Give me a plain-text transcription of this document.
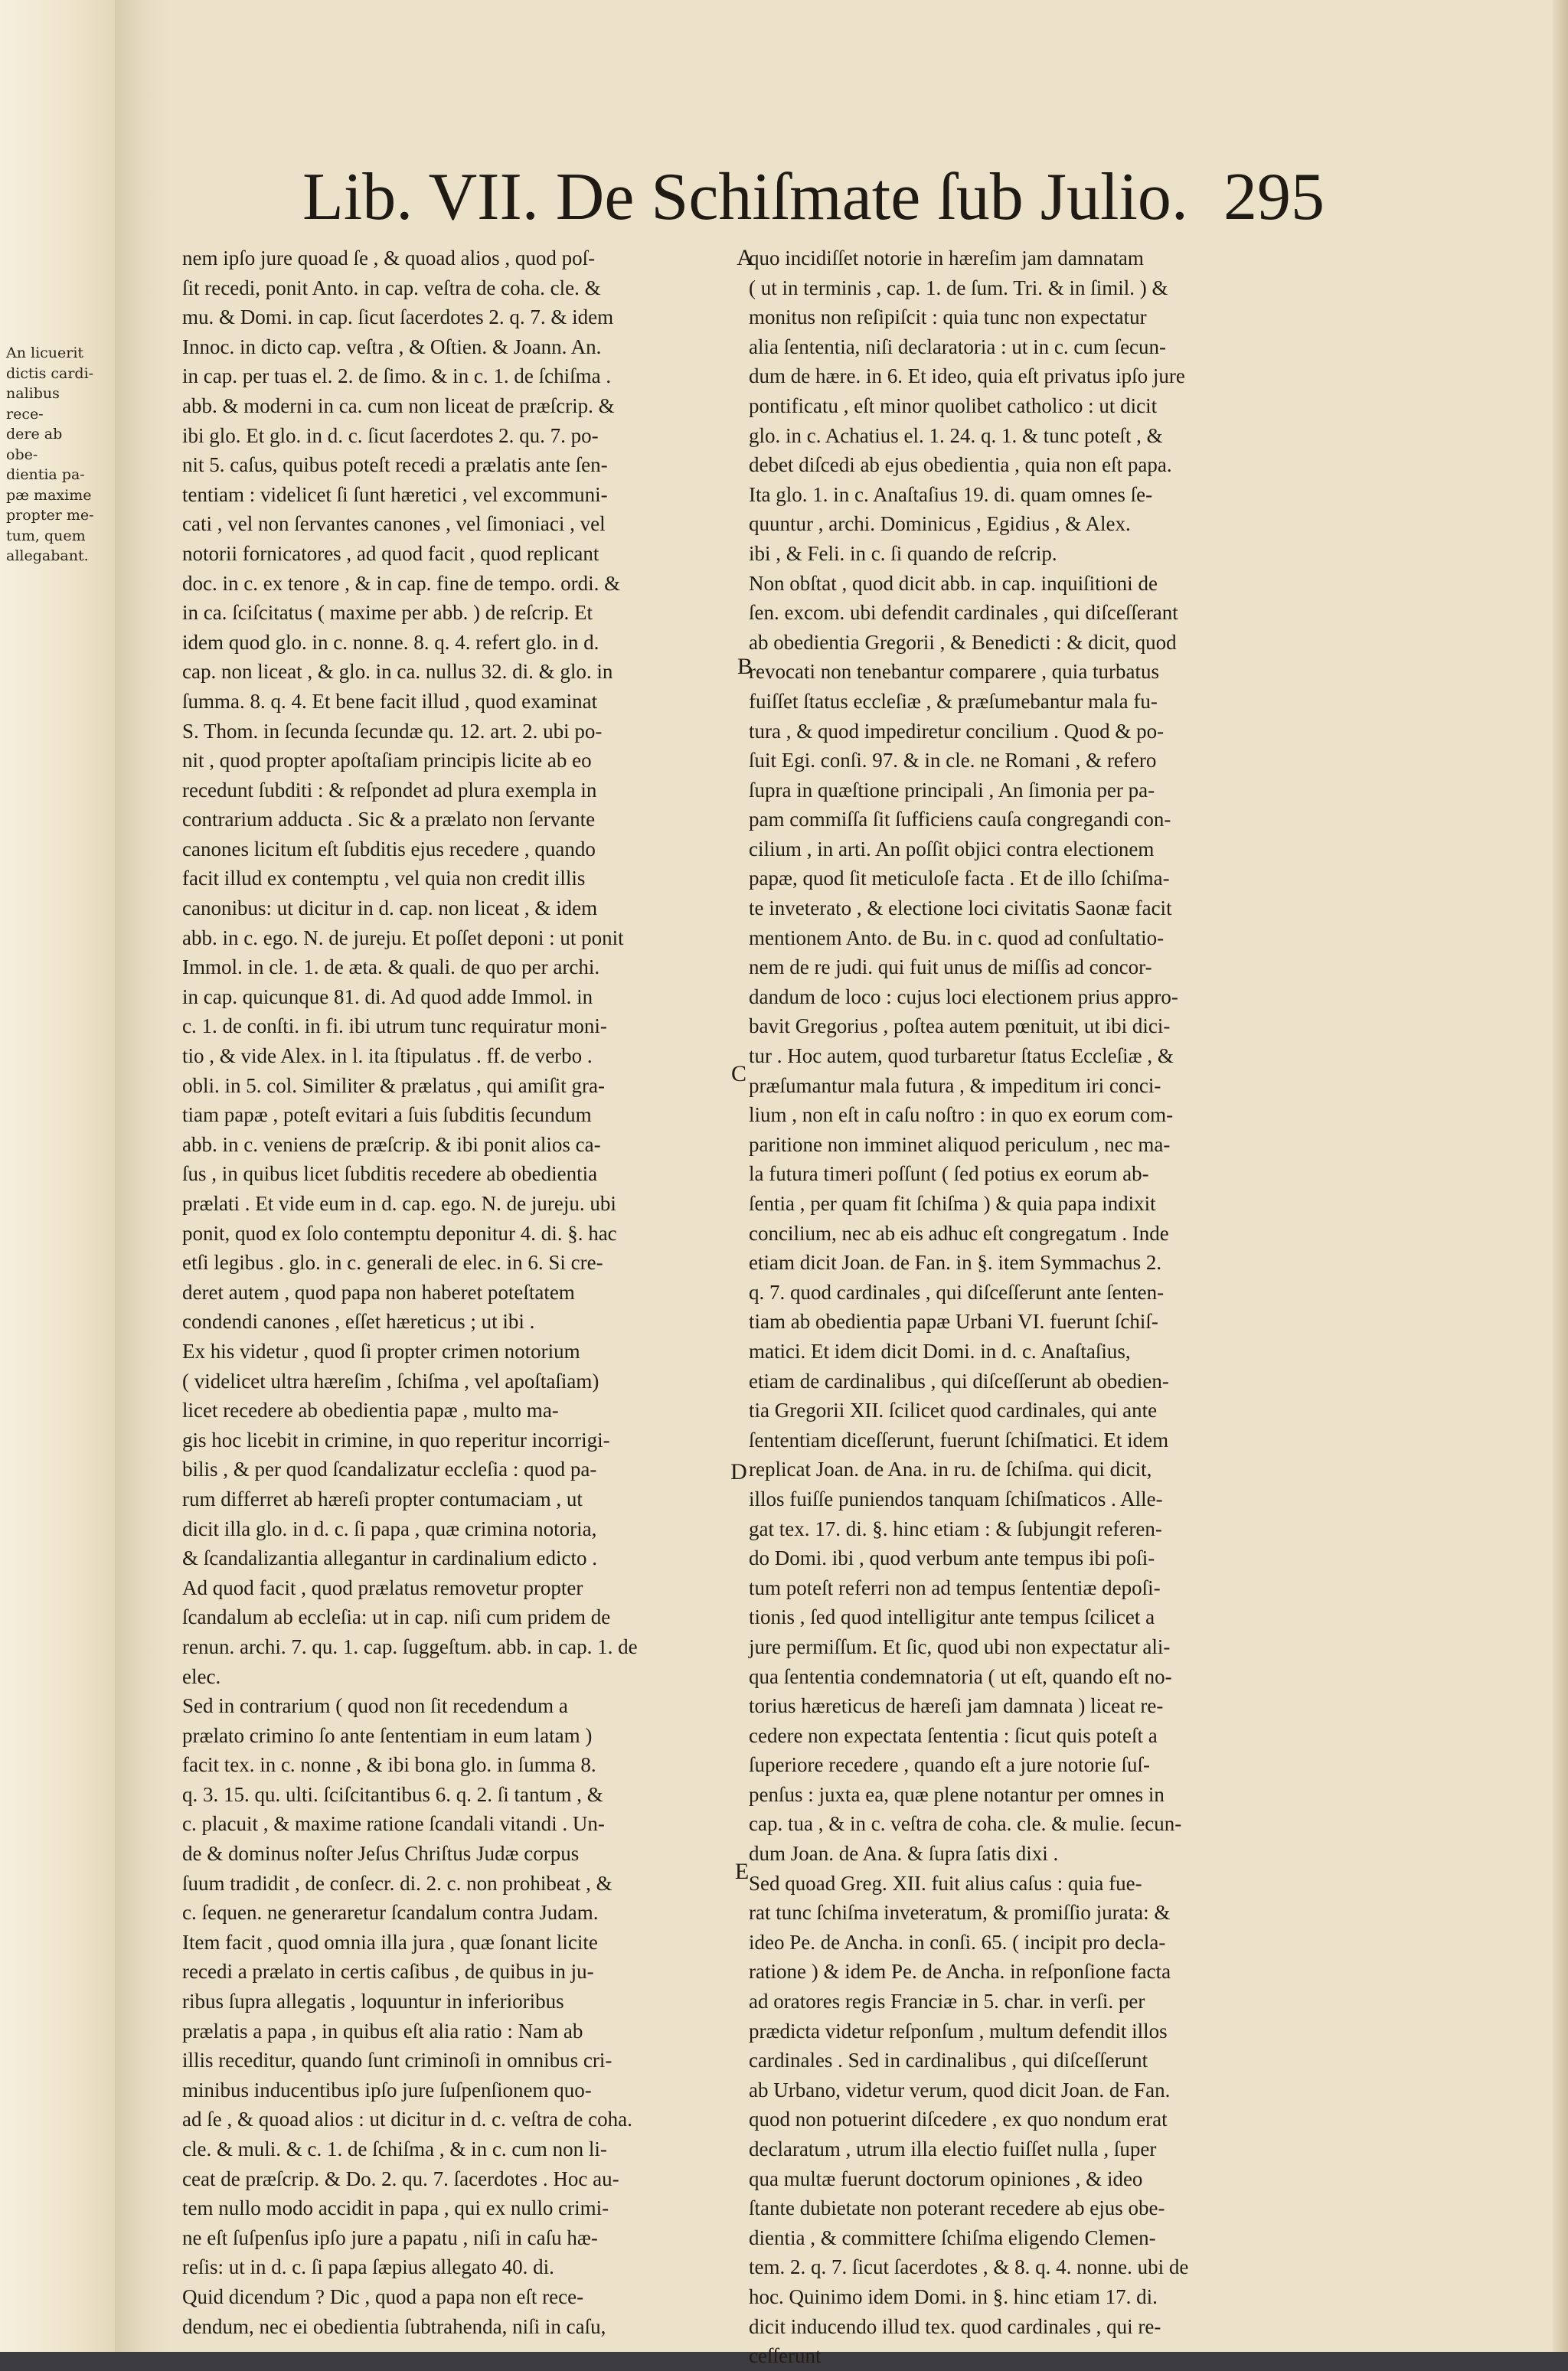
An licuerit
dictis cardi-
nalibus rece-
dere ab obe-
dientia pa-
pæ maxime
propter me-
tum, quem
allegabant.
Lib. VII. De Schiſmate ſub Julio. 295
A
B
C
D
E
nem ipſo jure quoad ſe , & quoad alios , quod poſ-
ſit recedi, ponit Anto. in cap. veſtra de coha. cle. &
mu. & Domi. in cap. ſicut ſacerdotes 2. q. 7. & idem
Innoc. in dicto cap. veſtra , & Oſtien. & Joann. An.
in cap. per tuas el. 2. de ſimo. & in c. 1. de ſchiſma .
abb. & moderni in ca. cum non liceat de præſcrip. &
ibi glo. Et glo. in d. c. ſicut ſacerdotes 2. qu. 7. po-
nit 5. caſus, quibus poteſt recedi a prælatis ante ſen-
tentiam : videlicet ſi ſunt hæretici , vel excommuni-
cati , vel non ſervantes canones , vel ſimoniaci , vel
notorii fornicatores , ad quod facit , quod replicant
doc. in c. ex tenore , & in cap. fine de tempo. ordi. &
in ca. ſciſcitatus ( maxime per abb. ) de reſcrip. Et
idem quod glo. in c. nonne. 8. q. 4. refert glo. in d.
cap. non liceat , & glo. in ca. nullus 32. di. & glo. in
ſumma. 8. q. 4. Et bene facit illud , quod examinat
S. Thom. in ſecunda ſecundæ qu. 12. art. 2. ubi po-
nit , quod propter apoſtaſiam principis licite ab eo
recedunt ſubditi : & reſpondet ad plura exempla in
contrarium adducta . Sic & a prælato non ſervante
canones licitum eſt ſubditis ejus recedere , quando
facit illud ex contemptu , vel quia non credit illis
canonibus: ut dicitur in d. cap. non liceat , & idem
abb. in c. ego. N. de jureju. Et poſſet deponi : ut ponit
Immol. in cle. 1. de æta. & quali. de quo per archi.
in cap. quicunque 81. di. Ad quod adde Immol. in
c. 1. de conſti. in fi. ibi utrum tunc requiratur moni-
tio , & vide Alex. in l. ita ſtipulatus . ff. de verbo .
obli. in 5. col. Similiter & prælatus , qui amiſit gra-
tiam papæ , poteſt evitari a ſuis ſubditis ſecundum
abb. in c. veniens de præſcrip. & ibi ponit alios ca-
ſus , in quibus licet ſubditis recedere ab obedientia
prælati . Et vide eum in d. cap. ego. N. de jureju. ubi
ponit, quod ex ſolo contemptu deponitur 4. di. §. hac
etſi legibus . glo. in c. generali de elec. in 6. Si cre-
deret autem , quod papa non haberet poteſtatem
condendi canones , eſſet hæreticus ; ut ibi .
Ex his videtur , quod ſi propter crimen notorium
( videlicet ultra hæreſim , ſchiſma , vel apoſtaſiam)
licet recedere ab obedientia papæ , multo ma-
gis hoc licebit in crimine, in quo reperitur incorrigi-
bilis , & per quod ſcandalizatur eccleſia : quod pa-
rum differret ab hæreſi propter contumaciam , ut
dicit illa glo. in d. c. ſi papa , quæ crimina notoria,
& ſcandalizantia allegantur in cardinalium edicto .
Ad quod facit , quod prælatus removetur propter
ſcandalum ab eccleſia: ut in cap. niſi cum pridem de
renun. archi. 7. qu. 1. cap. ſuggeſtum. abb. in cap. 1. de
elec.
Sed in contrarium ( quod non ſit recedendum a
prælato crimino ſo ante ſententiam in eum latam )
facit tex. in c. nonne , & ibi bona glo. in ſumma 8.
q. 3. 15. qu. ulti. ſciſcitantibus 6. q. 2. ſi tantum , &
c. placuit , & maxime ratione ſcandali vitandi . Un-
de & dominus noſter Jeſus Chriſtus Judæ corpus
ſuum tradidit , de conſecr. di. 2. c. non prohibeat , &
c. ſequen. ne generaretur ſcandalum contra Judam.
Item facit , quod omnia illa jura , quæ ſonant licite
recedi a prælato in certis caſibus , de quibus in ju-
ribus ſupra allegatis , loquuntur in inferioribus
prælatis a papa , in quibus eſt alia ratio : Nam ab
illis receditur, quando ſunt criminoſi in omnibus cri-
minibus inducentibus ipſo jure ſuſpenſionem quo-
ad ſe , & quoad alios : ut dicitur in d. c. veſtra de coha.
cle. & muli. & c. 1. de ſchiſma , & in c. cum non li-
ceat de præſcrip. & Do. 2. qu. 7. ſacerdotes . Hoc au-
tem nullo modo accidit in papa , qui ex nullo crimi-
ne eſt ſuſpenſus ipſo jure a papatu , niſi in caſu hæ-
reſis: ut in d. c. ſi papa ſæpius allegato 40. di.
Quid dicendum ? Dic , quod a papa non eſt rece-
dendum, nec ei obedientia ſubtrahenda, niſi in caſu,
quo incidiſſet notorie in hæreſim jam damnatam
( ut in terminis , cap. 1. de ſum. Tri. & in ſimil. ) &
monitus non reſipiſcit : quia tunc non expectatur
alia ſententia, niſi declaratoria : ut in c. cum ſecun-
dum de hære. in 6. Et ideo, quia eſt privatus ipſo jure
pontificatu , eſt minor quolibet catholico : ut dicit
glo. in c. Achatius el. 1. 24. q. 1. & tunc poteſt , &
debet diſcedi ab ejus obedientia , quia non eſt papa.
Ita glo. 1. in c. Anaſtaſius 19. di. quam omnes ſe-
quuntur , archi. Dominicus , Egidius , & Alex.
ibi , & Feli. in c. ſi quando de reſcrip.
Non obſtat , quod dicit abb. in cap. inquiſitioni de
ſen. excom. ubi defendit cardinales , qui diſceſſerant
ab obedientia Gregorii , & Benedicti : & dicit, quod
revocati non tenebantur comparere , quia turbatus
fuiſſet ſtatus eccleſiæ , & præſumebantur mala fu-
tura , & quod impediretur concilium . Quod & po-
ſuit Egi. conſi. 97. & in cle. ne Romani , & refero
ſupra in quæſtione principali , An ſimonia per pa-
pam commiſſa ſit ſufficiens cauſa congregandi con-
cilium , in arti. An poſſit objici contra electionem
papæ, quod ſit meticuloſe facta . Et de illo ſchiſma-
te inveterato , & electione loci civitatis Saonæ facit
mentionem Anto. de Bu. in c. quod ad conſultatio-
nem de re judi. qui fuit unus de miſſis ad concor-
dandum de loco : cujus loci electionem prius appro-
bavit Gregorius , poſtea autem pœnituit, ut ibi dici-
tur . Hoc autem, quod turbaretur ſtatus Eccleſiæ , &
præſumantur mala futura , & impeditum iri conci-
lium , non eſt in caſu noſtro : in quo ex eorum com-
paritione non imminet aliquod periculum , nec ma-
la futura timeri poſſunt ( ſed potius ex eorum ab-
ſentia , per quam fit ſchiſma ) & quia papa indixit
concilium, nec ab eis adhuc eſt congregatum . Inde
etiam dicit Joan. de Fan. in §. item Symmachus 2.
q. 7. quod cardinales , qui diſceſſerunt ante ſenten-
tiam ab obedientia papæ Urbani VI. fuerunt ſchiſ-
matici. Et idem dicit Domi. in d. c. Anaſtaſius,
etiam de cardinalibus , qui diſceſſerunt ab obedien-
tia Gregorii XII. ſcilicet quod cardinales, qui ante
ſententiam diceſſerunt, fuerunt ſchiſmatici. Et idem
replicat Joan. de Ana. in ru. de ſchiſma. qui dicit,
illos fuiſſe puniendos tanquam ſchiſmaticos . Alle-
gat tex. 17. di. §. hinc etiam : & ſubjungit referen-
do Domi. ibi , quod verbum ante tempus ibi poſi-
tum poteſt referri non ad tempus ſententiæ depoſi-
tionis , ſed quod intelligitur ante tempus ſcilicet a
jure permiſſum. Et ſic, quod ubi non expectatur ali-
qua ſententia condemnatoria ( ut eſt, quando eſt no-
torius hæreticus de hæreſi jam damnata ) liceat re-
cedere non expectata ſententia : ſicut quis poteſt a
ſuperiore recedere , quando eſt a jure notorie ſuſ-
penſus : juxta ea, quæ plene notantur per omnes in
cap. tua , & in c. veſtra de coha. cle. & mulie. ſecun-
dum Joan. de Ana. & ſupra ſatis dixi .
Sed quoad Greg. XII. fuit alius caſus : quia fue-
rat tunc ſchiſma inveteratum, & promiſſio jurata: &
ideo Pe. de Ancha. in conſi. 65. ( incipit pro decla-
ratione ) & idem Pe. de Ancha. in reſponſione facta
ad oratores regis Franciæ in 5. char. in verſi. per
prædicta videtur reſponſum , multum defendit illos
cardinales . Sed in cardinalibus , qui diſceſſerunt
ab Urbano, videtur verum, quod dicit Joan. de Fan.
quod non potuerint diſcedere , ex quo nondum erat
declaratum , utrum illa electio fuiſſet nulla , ſuper
qua multæ fuerunt doctorum opiniones , & ideo
ſtante dubietate non poterant recedere ab ejus obe-
dientia , & committere ſchiſma eligendo Clemen-
tem. 2. q. 7. ſicut ſacerdotes , & 8. q. 4. nonne. ubi de
hoc. Quinimo idem Domi. in §. hinc etiam 17. di.
dicit inducendo illud tex. quod cardinales , qui re-
ceſſerunt
